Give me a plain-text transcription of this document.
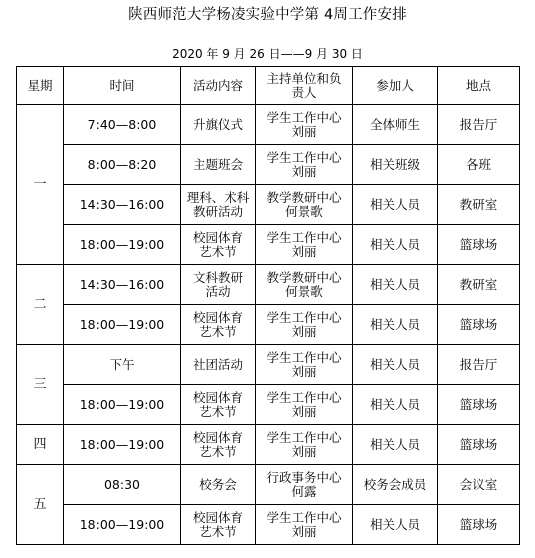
陕西师范大学杨凌实验中学第 4周工作安排
2020 年 9 月 26 日——9 月 30 日
星期	时间	活动内容	主持单位和负
责人	参加人	地点

一	7:40—8:00	升旗仪式	学生工作中心
刘丽	全体师生	报告厅

	8:00—8:20	主题班会	学生工作中心
刘丽	相关班级	各班

	14:30—16:00	理科、术科
教研活动	教学教研中心
何景歌	相关人员	教研室

	18:00—19:00	校园体育
艺术节	学生工作中心
刘丽	相关人员	篮球场

二	14:30—16:00	文科教研
活动	教学教研中心
何景歌	相关人员	教研室

	18:00—19:00	校园体育
艺术节	学生工作中心
刘丽	相关人员	篮球场

三	下午	社团活动	学生工作中心
刘丽	相关人员	报告厅

	18:00—19:00	校园体育
艺术节	学生工作中心
刘丽	相关人员	篮球场

四	18:00—19:00	校园体育
艺术节	学生工作中心
刘丽	相关人员	篮球场

五	08:30	校务会	行政事务中心
何露	校务会成员	会议室

	18:00—19:00	校园体育
艺术节	学生工作中心
刘丽	相关人员	篮球场
